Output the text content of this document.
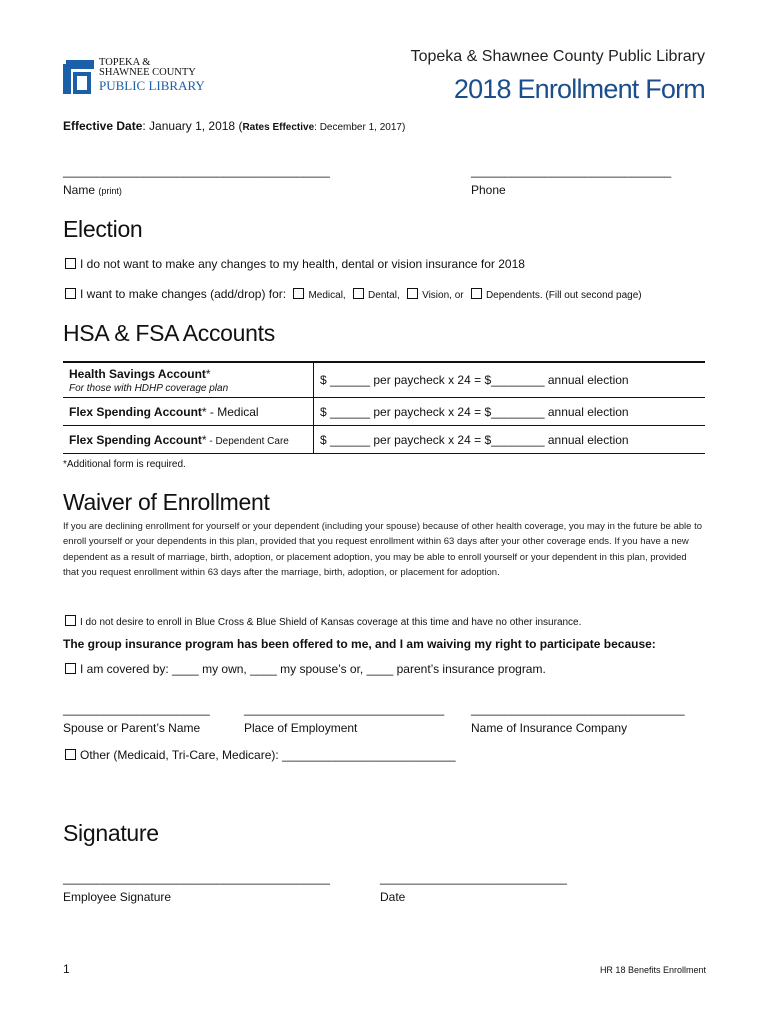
TOPEKA &
SHAWNEE COUNTY
PUBLIC LIBRARY
Topeka & Shawnee County Public Library
2018 Enrollment Form
Effective Date: January 1, 2018 (Rates Effective: December 1, 2017)
________________________________________
Name (print)
______________________________
Phone
Election
I do not want to make any changes to my health, dental or vision insurance for 2018
I want to make changes (add/drop) for: Medical, Dental, Vision, or Dependents. (Fill out second page)
HSA & FSA Accounts
Health Savings Account*
For those with HDHP coverage plan	$ ______ per paycheck x 24 = $________ annual election
Flex Spending Account* - Medical	$ ______ per paycheck x 24 = $________ annual election
Flex Spending Account* - Dependent Care	$ ______ per paycheck x 24 = $________ annual election
*Additional form is required.
Waiver of Enrollment
If you are declining enrollment for yourself or your dependent (including your spouse) because of other health coverage, you may in the future be able to enroll yourself or your dependents in this plan, provided that you request enrollment within 63 days after your other coverage ends. If you have a new dependent as a result of marriage, birth, adoption, or placement adoption, you may be able to enroll yourself or your dependent in this plan, provided that you request enrollment within 63 days after the marriage, birth, adoption, or placement for adoption.
I do not desire to enroll in Blue Cross & Blue Shield of Kansas coverage at this time and have no other insurance.
The group insurance program has been offered to me, and I am waiving my right to participate because:
I am covered by: ____ my own, ____ my spouse’s or, ____ parent’s insurance program.
______________________	______________________________ ________________________________
Spouse or Parent’s Name	Place of Employment	Name of Insurance Company
Other (Medicaid, Tri-Care, Medicare): __________________________
Signature
________________________________________
Employee Signature
____________________________
Date
1	HR 18 Benefits Enrollment
